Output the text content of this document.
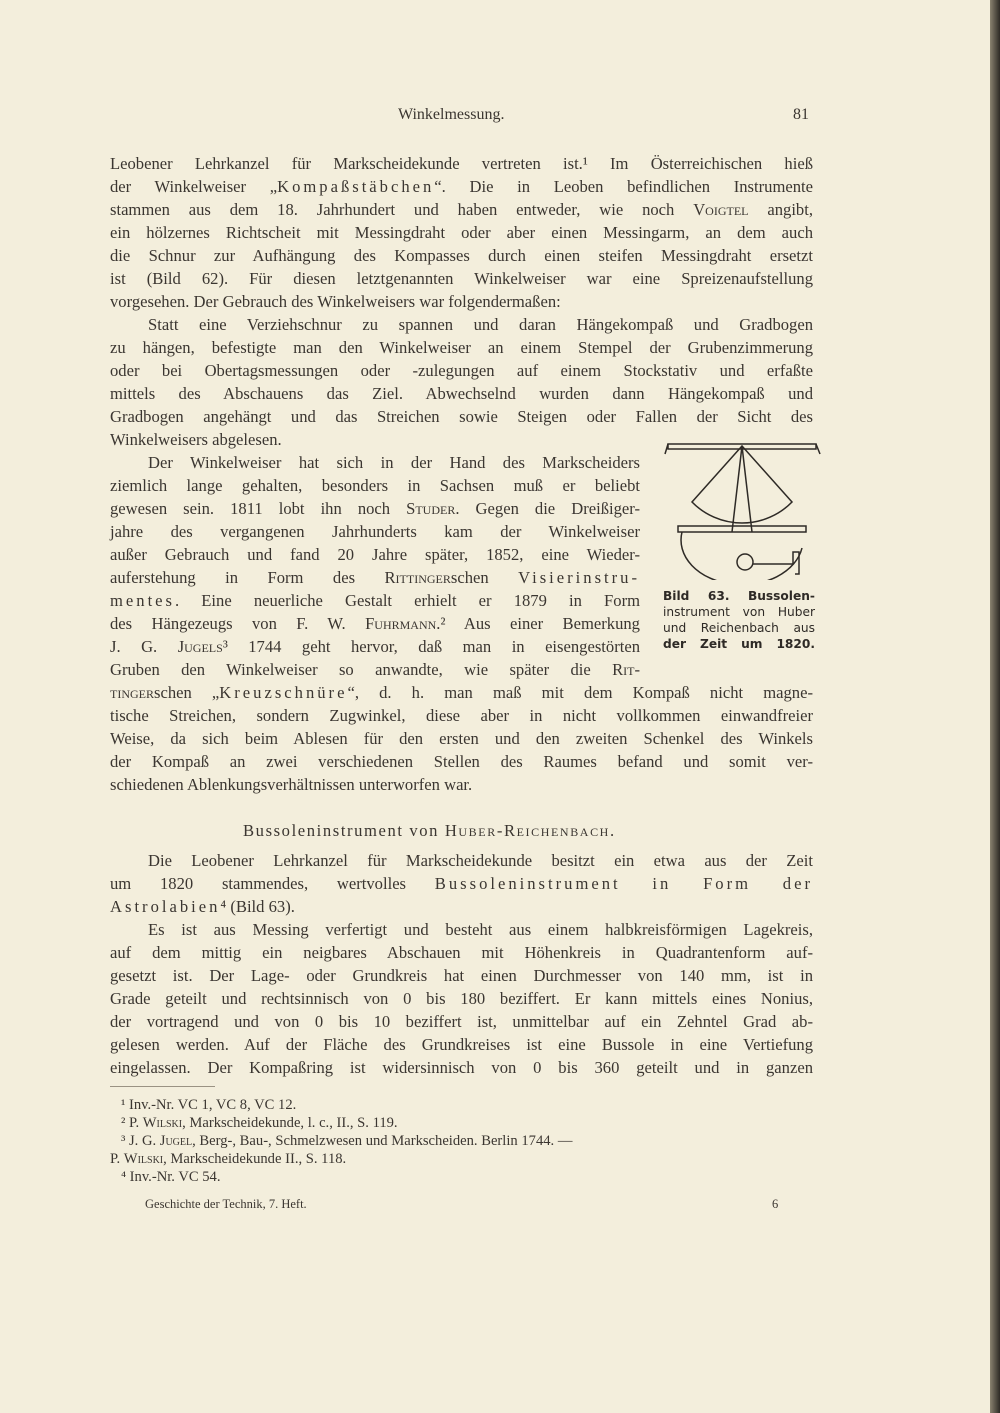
Winkelmessung.	81
Leobener Lehrkanzel für Markscheidekunde vertreten ist.¹ Im Österreichischen hieß
der Winkelweiser „Kompaßstäbchen“. Die in Leoben befindlichen Instrumente
stammen aus dem 18. Jahrhundert und haben entweder, wie noch Voigtel angibt,
ein hölzernes Richtscheit mit Messingdraht oder aber einen Messingarm, an dem auch
die Schnur zur Aufhängung des Kompasses durch einen steifen Messingdraht ersetzt
ist (Bild 62). Für diesen letztgenannten Winkelweiser war eine Spreizenaufstellung
vorgesehen. Der Gebrauch des Winkelweisers war folgendermaßen:
Statt eine Verziehschnur zu spannen und daran Hängekompaß und Gradbogen
zu hängen, befestigte man den Winkelweiser an einem Stempel der Grubenzimmerung
oder bei Obertagsmessungen oder -zulegungen auf einem Stockstativ und erfaßte
mittels des Abschauens das Ziel. Abwechselnd wurden dann Hängekompaß und
Gradbogen angehängt und das Streichen sowie Steigen oder Fallen der Sicht des
Winkelweisers abgelesen.
Der Winkelweiser hat sich in der Hand des Markscheiders
ziemlich lange gehalten, besonders in Sachsen muß er beliebt
gewesen sein. 1811 lobt ihn noch Studer. Gegen die Dreißiger-
jahre des vergangenen Jahrhunderts kam der Winkelweiser
außer Gebrauch und fand 20 Jahre später, 1852, eine Wieder-
auferstehung in Form des Rittingerschen Visierinstru-
mentes. Eine neuerliche Gestalt erhielt er 1879 in Form
des Hängezeugs von F. W. Fuhrmann.² Aus einer Bemerkung
J. G. Jugels³ 1744 geht hervor, daß man in eisengestörten
Gruben den Winkelweiser so anwandte, wie später die Rit-
tingerschen „Kreuzschnüre“, d. h. man maß mit dem Kompaß nicht magne-
tische Streichen, sondern Zugwinkel, diese aber in nicht vollkommen einwandfreier
Weise, da sich beim Ablesen für den ersten und den zweiten Schenkel des Winkels
der Kompaß an zwei verschiedenen Stellen des Raumes befand und somit ver-
schiedenen Ablenkungsverhältnissen unterworfen war.
Bussoleninstrument von Huber-Reichenbach.
Die Leobener Lehrkanzel für Markscheidekunde besitzt ein etwa aus der Zeit
um 1820 stammendes, wertvolles Bussoleninstrument in Form der
Astrolabien⁴ (Bild 63).
Es ist aus Messing verfertigt und besteht aus einem halbkreisförmigen Lagekreis,
auf dem mittig ein neigbares Abschauen mit Höhenkreis in Quadrantenform auf-
gesetzt ist. Der Lage- oder Grundkreis hat einen Durchmesser von 140 mm, ist in
Grade geteilt und rechtsinnisch von 0 bis 180 beziffert. Er kann mittels eines Nonius,
der vortragend und von 0 bis 10 beziffert ist, unmittelbar auf ein Zehntel Grad ab-
gelesen werden. Auf der Fläche des Grundkreises ist eine Bussole in eine Vertiefung
eingelassen. Der Kompaßring ist widersinnisch von 0 bis 360 geteilt und in ganzen
Bild 63. Bussolen-
instrument von Huber
und Reichenbach aus
der Zeit um 1820.
¹ Inv.-Nr. VC 1, VC 8, VC 12.
² P. Wilski, Markscheidekunde, l. c., II., S. 119.
³ J. G. Jugel, Berg-, Bau-, Schmelzwesen und Markscheiden. Berlin 1744. —
P. Wilski, Markscheidekunde II., S. 118.
⁴ Inv.-Nr. VC 54.
Geschichte der Technik, 7. Heft.	6
